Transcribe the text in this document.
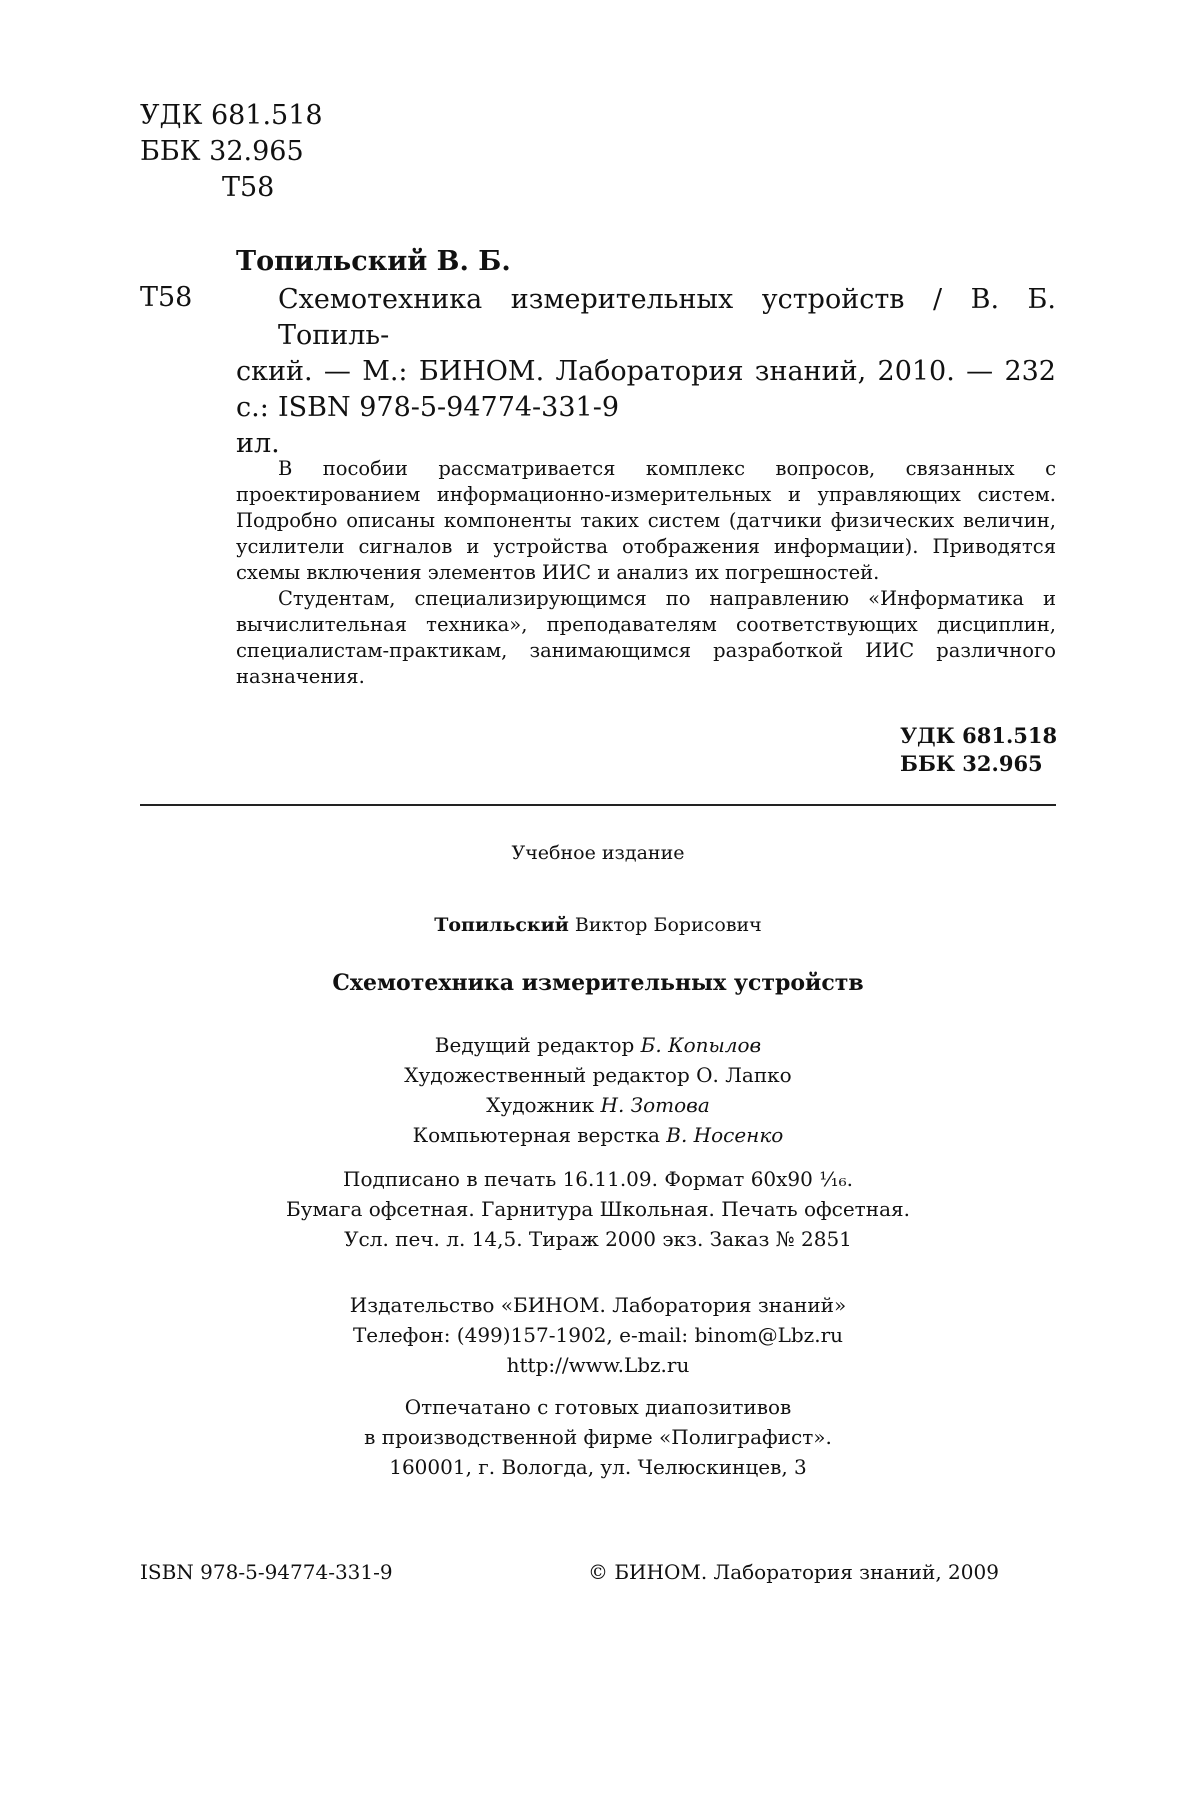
УДК 681.518
ББК 32.965
Т58
Топильский В. Б.
Т58	Схемотехника измерительных устройств / В. Б. Топиль-
ский. — М.: БИНОМ. Лаборатория знаний, 2010. — 232 с.:
ил.
ISBN 978-5-94774-331-9

В пособии рассматривается комплекс вопросов, связанных с проектированием информационно-измерительных и управляющих систем. Подробно описаны компоненты таких систем (датчики физических величин, усилители сигналов и устройства отображения информации). Приводятся схемы включения элементов ИИС и анализ их погрешностей.

Студентам, специализирующимся по направлению «Информатика и вычислительная техника», преподавателям соответствующих дисциплин, специалистам-практикам, занимающимся разработкой ИИС различного назначения.

УДК 681.518
ББК 32.965
Учебное издание
Топильский Виктор Борисович
Схемотехника измерительных устройств
Ведущий редактор Б. Копылов
Художественный редактор О. Лапко
Художник Н. Зотова
Компьютерная верстка В. Носенко
Подписано в печать 16.11.09. Формат 60х90 ¹⁄₁₆.
Бумага офсетная. Гарнитура Школьная. Печать офсетная.
Усл. печ. л. 14,5. Тираж 2000 экз. Заказ № 2851
Издательство «БИНОМ. Лаборатория знаний»
Телефон: (499)157-1902, e-mail: binom@Lbz.ru
http://www.Lbz.ru
Отпечатано с готовых диапозитивов
в производственной фирме «Полиграфист».
160001, г. Вологда, ул. Челюскинцев, 3
ISBN 978-5-94774-331-9	© БИНОМ. Лаборатория знаний, 2009
